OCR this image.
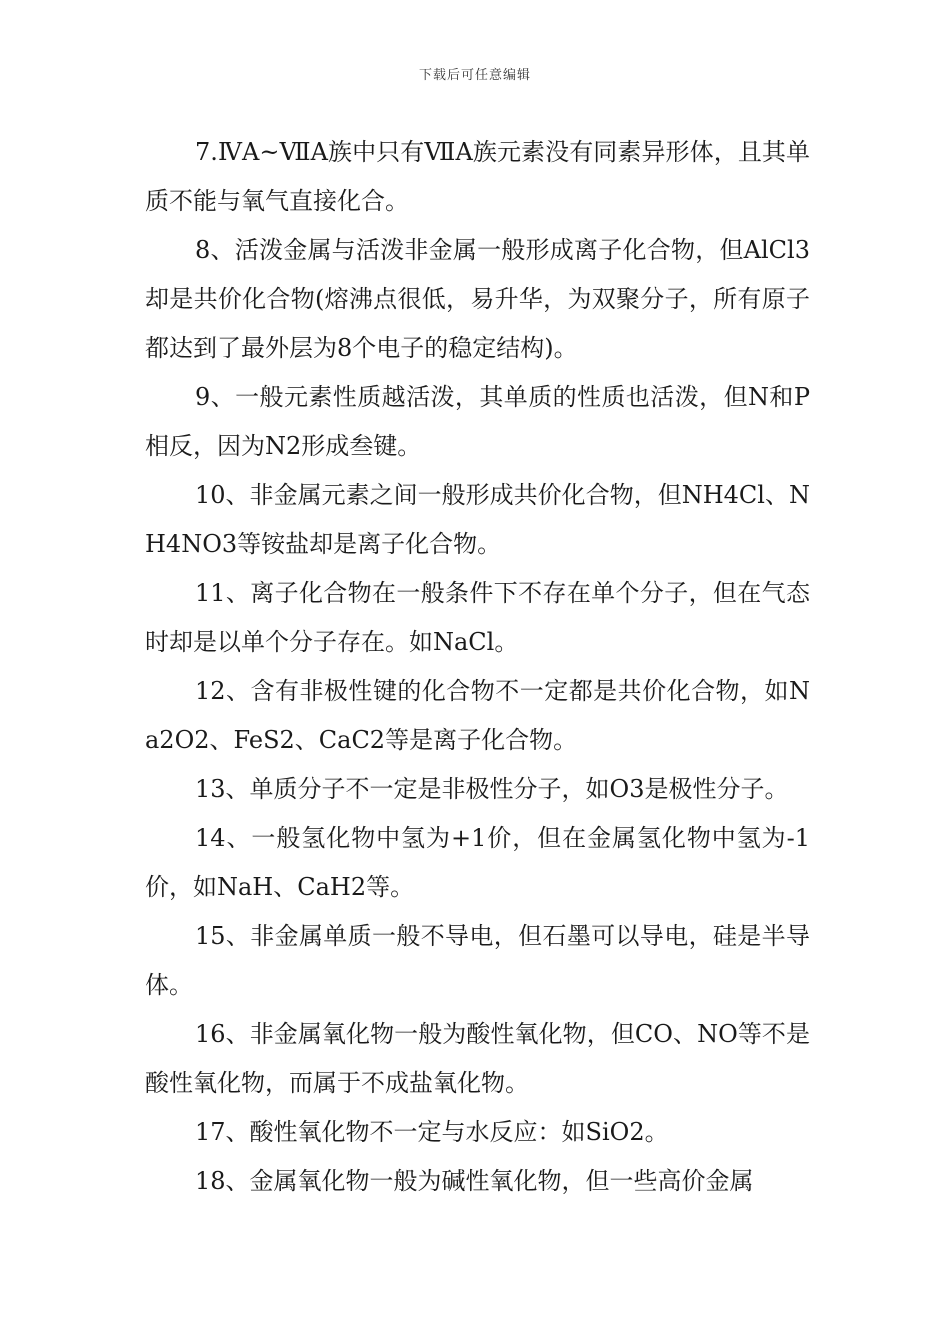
下载后可任意编辑

7.ⅣA~ⅦA族中只有ⅦA族元素没有同素异形体，且其单质不能与氧气直接化合。

8、活泼金属与活泼非金属一般形成离子化合物，但AlCl3却是共价化合物(熔沸点很低，易升华，为双聚分子，所有原子都达到了最外层为8个电子的稳定结构)。

9、一般元素性质越活泼，其单质的性质也活泼，但N和P相反，因为N2形成叁键。

10、非金属元素之间一般形成共价化合物，但NH4Cl、NH4NO3等铵盐却是离子化合物。

11、离子化合物在一般条件下不存在单个分子，但在气态时却是以单个分子存在。如NaCl。

12、含有非极性键的化合物不一定都是共价化合物，如Na2O2、FeS2、CaC2等是离子化合物。

13、单质分子不一定是非极性分子，如O3是极性分子。

14、一般氢化物中氢为+1价，但在金属氢化物中氢为-1价，如NaH、CaH2等。

15、非金属单质一般不导电，但石墨可以导电，硅是半导体。

16、非金属氧化物一般为酸性氧化物，但CO、NO等不是酸性氧化物，而属于不成盐氧化物。

17、酸性氧化物不一定与水反应：如SiO2。

18、金属氧化物一般为碱性氧化物，但一些高价金属
